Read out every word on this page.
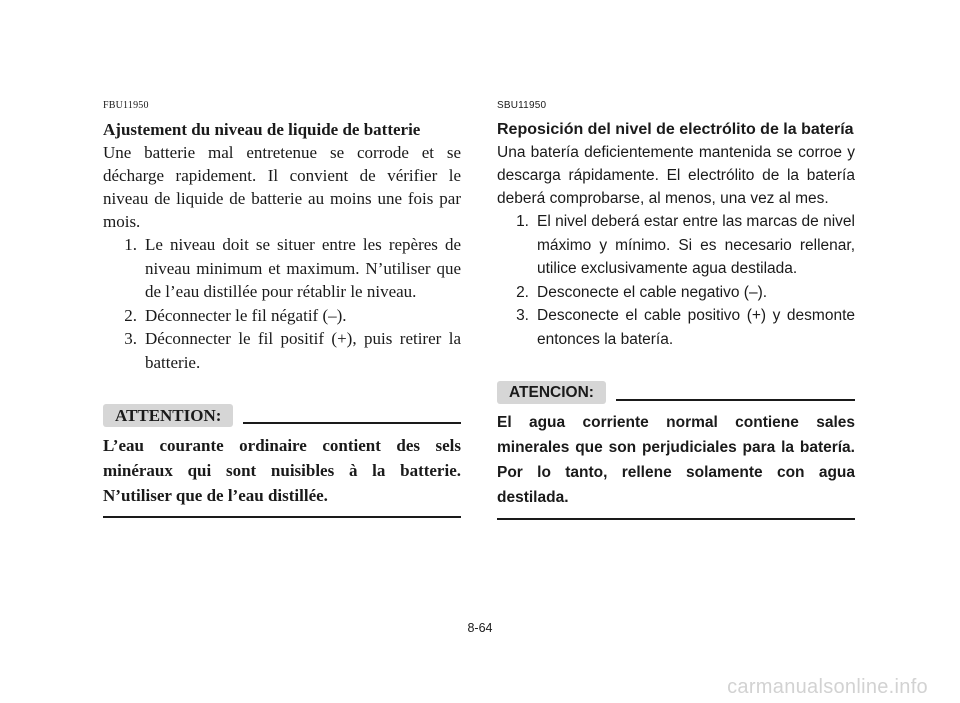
FBU11950
Ajustement du niveau de liquide de batterie
Une batterie mal entretenue se corrode et se décharge rapidement. Il convient de vérifier le niveau de liquide de batterie au moins une fois par mois.
1. Le niveau doit se situer entre les repères de niveau minimum et maximum. N’utiliser que de l’eau distillée pour rétablir le niveau.
2. Déconnecter le fil négatif (–).
3. Déconnecter le fil positif (+), puis retirer la batterie.
ATTENTION:
L’eau courante ordinaire contient des sels minéraux qui sont nuisibles à la batterie. N’utiliser que de l’eau distillée.
SBU11950
Reposición del nivel de electrólito de la batería
Una batería deficientemente mantenida se corroe y descarga rápidamente. El electrólito de la batería deberá comprobarse, al menos, una vez al mes.
1. El nivel deberá estar entre las marcas de nivel máximo y mínimo. Si es necesario rellenar, utilice exclusivamente agua destilada.
2. Desconecte el cable negativo (–).
3. Desconecte el cable positivo (+) y desmonte entonces la batería.
ATENCION:
El agua corriente normal contiene sales minerales que son perjudiciales para la batería. Por lo tanto, rellene solamente con agua destilada.
8-64
carmanualsonline.info
